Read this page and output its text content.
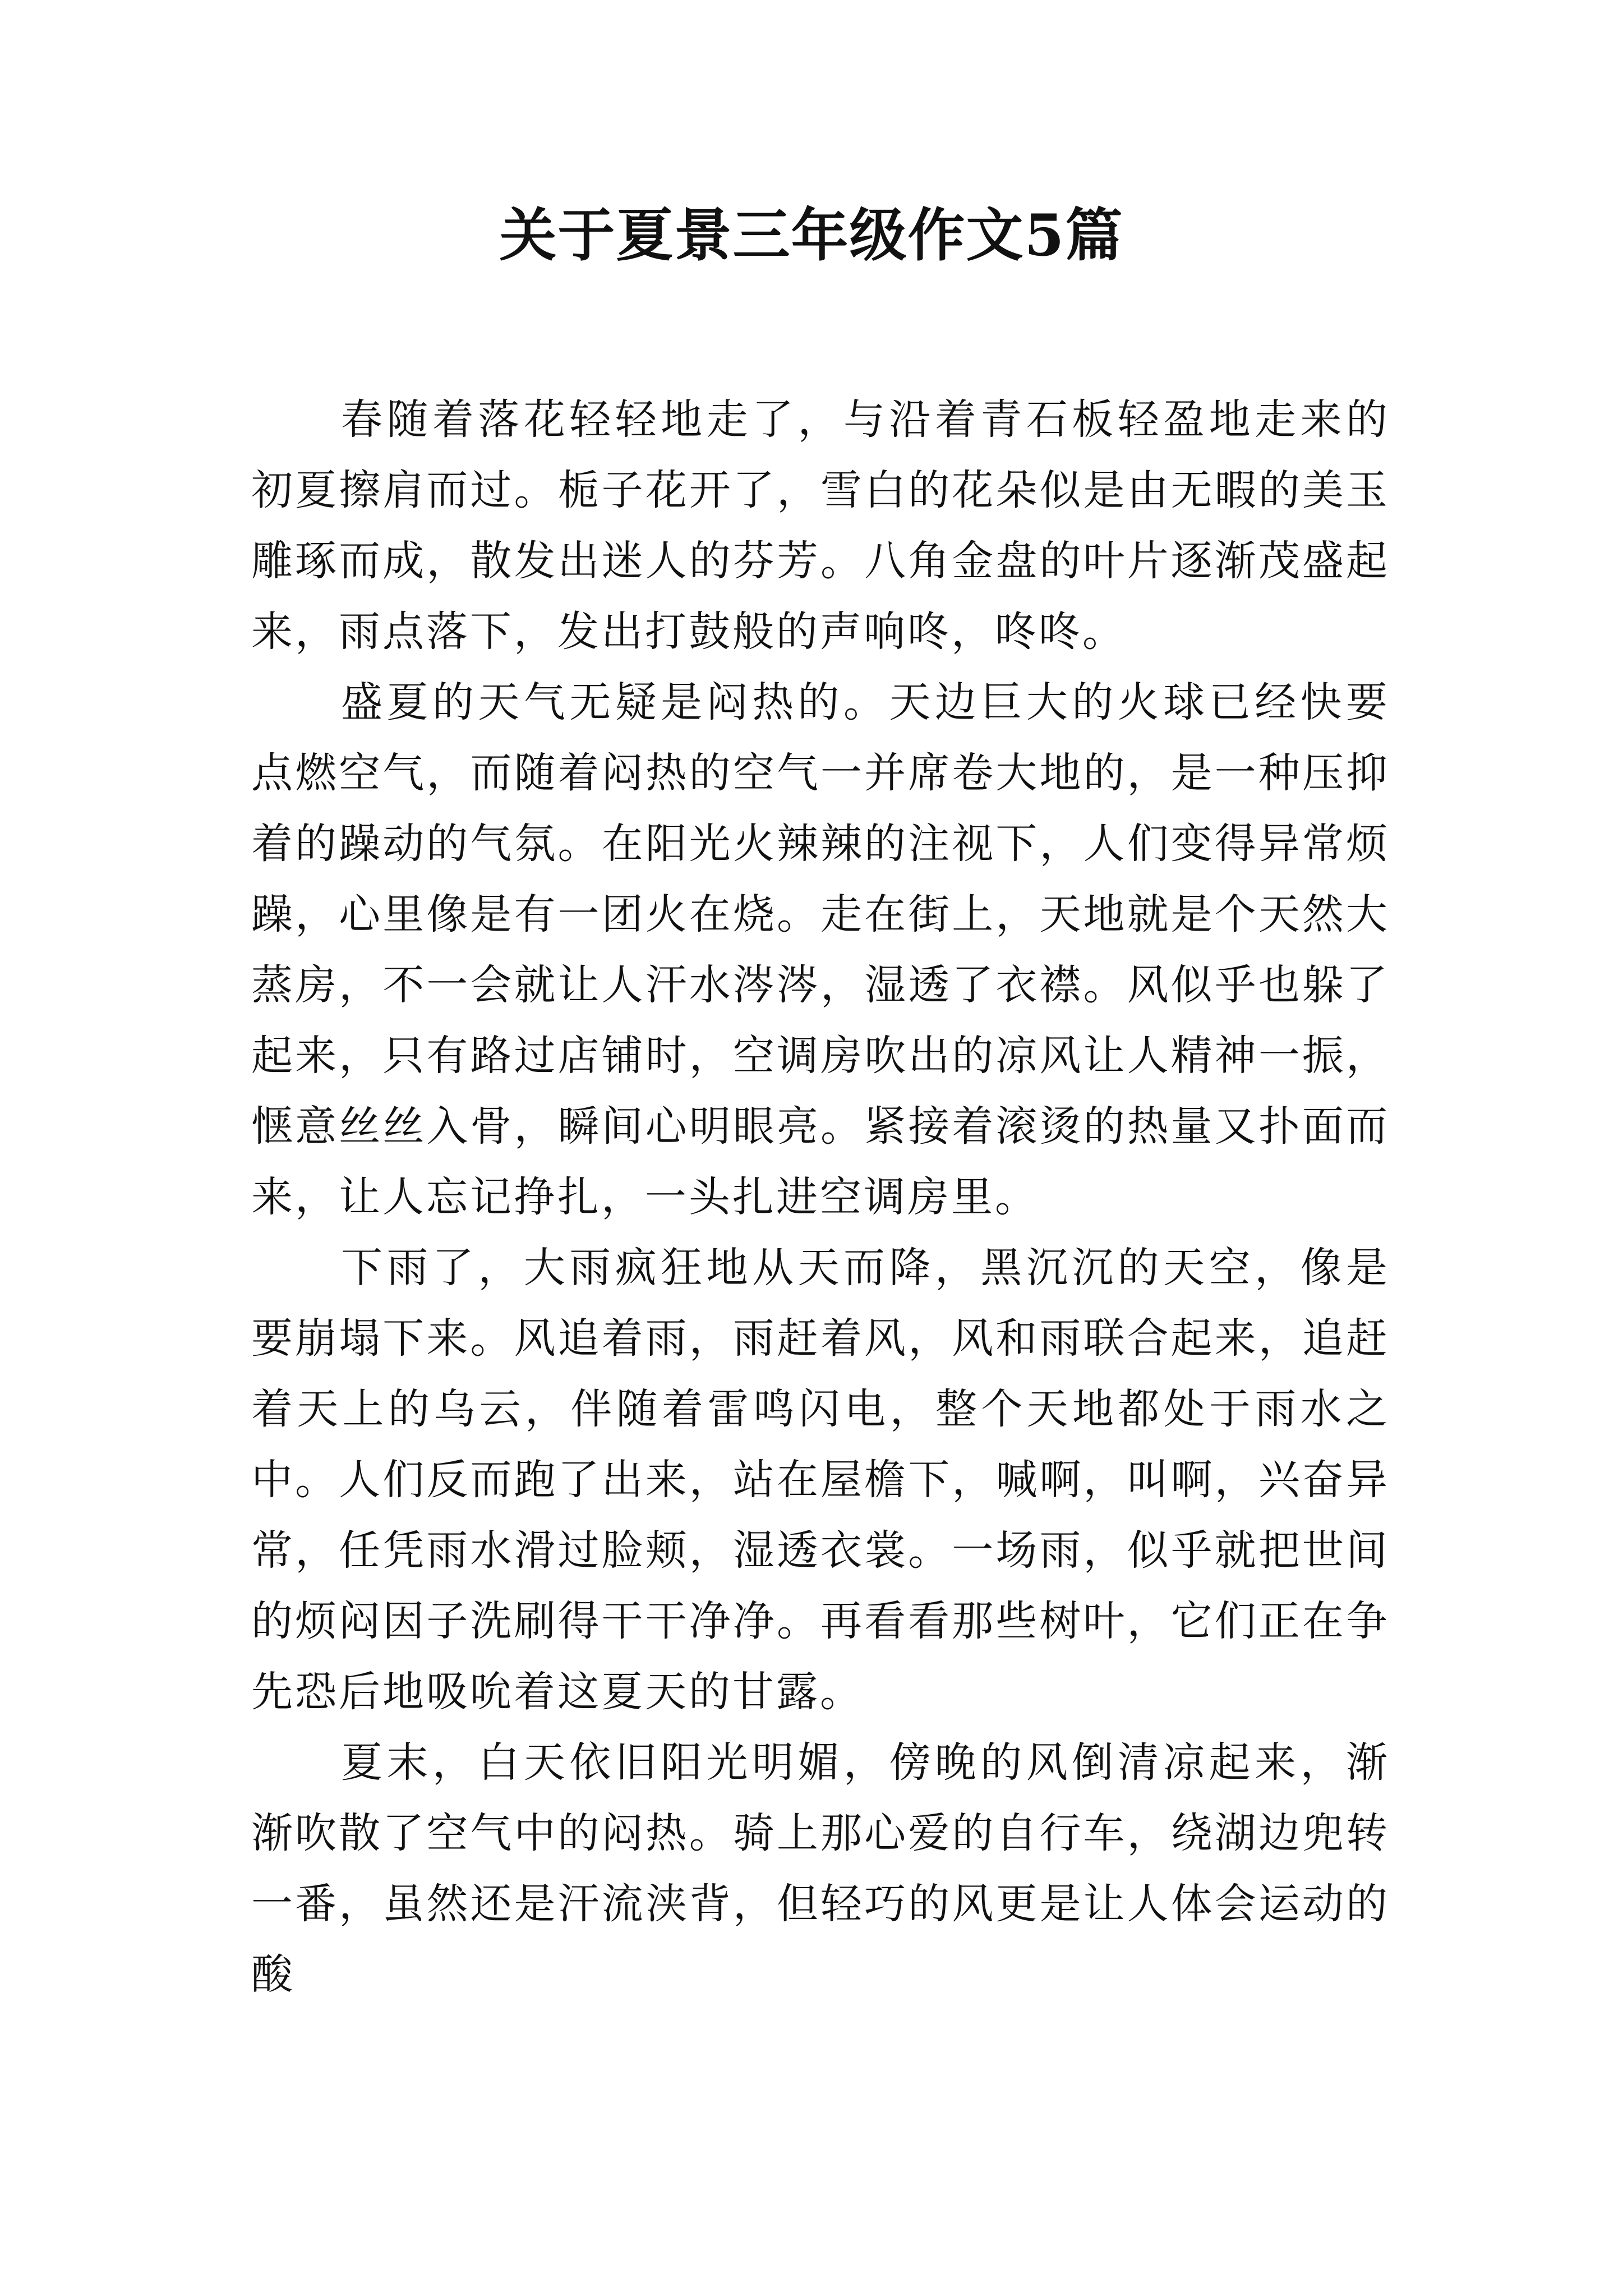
关于夏景三年级作文5篇

春随着落花轻轻地走了，与沿着青石板轻盈地走来的初夏擦肩而过。栀子花开了，雪白的花朵似是由无暇的美玉雕琢而成，散发出迷人的芬芳。八角金盘的叶片逐渐茂盛起来，雨点落下，发出打鼓般的声响咚，咚咚。

盛夏的天气无疑是闷热的。天边巨大的火球已经快要点燃空气，而随着闷热的空气一并席卷大地的，是一种压抑着的躁动的气氛。在阳光火辣辣的注视下，人们变得异常烦躁，心里像是有一团火在烧。走在街上，天地就是个天然大蒸房，不一会就让人汗水涔涔，湿透了衣襟。风似乎也躲了起来，只有路过店铺时，空调房吹出的凉风让人精神一振，惬意丝丝入骨，瞬间心明眼亮。紧接着滚烫的热量又扑面而来，让人忘记挣扎，一头扎进空调房里。

下雨了，大雨疯狂地从天而降，黑沉沉的天空，像是要崩塌下来。风追着雨，雨赶着风，风和雨联合起来，追赶着天上的乌云，伴随着雷鸣闪电，整个天地都处于雨水之中。人们反而跑了出来，站在屋檐下，喊啊，叫啊，兴奋异常，任凭雨水滑过脸颊，湿透衣裳。一场雨，似乎就把世间的烦闷因子洗刷得干干净净。再看看那些树叶，它们正在争先恐后地吸吮着这夏天的甘露。

夏末，白天依旧阳光明媚，傍晚的风倒清凉起来，渐渐吹散了空气中的闷热。骑上那心爱的自行车，绕湖边兜转一番，虽然还是汗流浃背，但轻巧的风更是让人体会运动的酸
